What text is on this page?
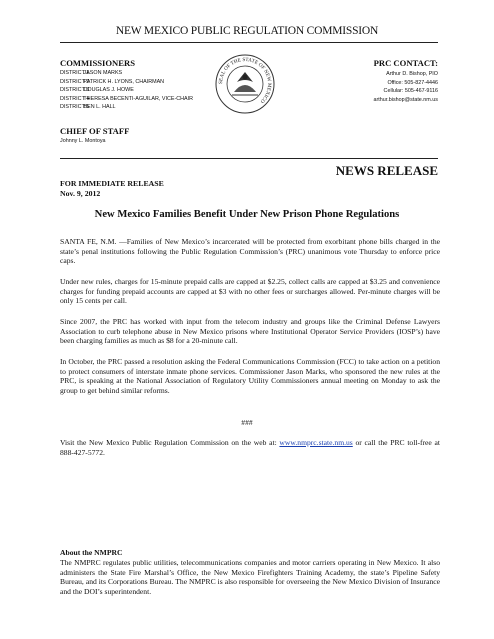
NEW MEXICO PUBLIC REGULATION COMMISSION
COMMISSIONERS
DISTRICT 1 JASON MARKS
DISTRICT 2 PATRICK H. LYONS, CHAIRMAN
DISTRICT 3 DOUGLAS J. HOWE
DISTRICT 4 THERESA BECENTI-AGUILAR, VICE-CHAIR
DISTRICT 5 BEN L. HALL
CHIEF OF STAFF
Johnny L. Montoya
SEAL OF THE STATE OF NEW MEXICO
PRC CONTACT:
Arthur D. Bishop, PIO
Office: 505-827-4446
Cellular: 505-467-9116
arthur.bishop@state.nm.us
NEWS RELEASE
FOR IMMEDIATE RELEASE
Nov. 9, 2012
New Mexico Families Benefit Under New Prison Phone Regulations

SANTA FE, N.M. —Families of New Mexico’s incarcerated will be protected from exorbitant phone bills charged in the state’s penal institutions following the Public Regulation Commission’s (PRC) unanimous vote Thursday to enforce price caps.

Under new rules, charges for 15-minute prepaid calls are capped at $2.25, collect calls are capped at $3.25 and convenience charges for funding prepaid accounts are capped at $3 with no other fees or surcharges allowed. Per-minute charges will be only 15 cents per call.

Since 2007, the PRC has worked with input from the telecom industry and groups like the Criminal Defense Lawyers Association to curb telephone abuse in New Mexico prisons where Institutional Operator Service Providers (IOSP’s) have been charging families as much as $8 for a 20-minute call.

In October, the PRC passed a resolution asking the Federal Communications Commission (FCC) to take action on a petition to protect consumers of interstate inmate phone services. Commissioner Jason Marks, who sponsored the new rules at the PRC, is speaking at the National Association of Regulatory Utility Commissioners annual meeting on Monday to ask the group to get behind similar reforms.

###

Visit the New Mexico Public Regulation Commission on the web at: www.nmprc.state.nm.us or call the PRC toll-free at 888-427-5772.

About the NMPRC

The NMPRC regulates public utilities, telecommunications companies and motor carriers operating in New Mexico. It also administers the State Fire Marshal’s Office, the New Mexico Firefighters Training Academy, the state’s Pipeline Safety Bureau, and its Corporations Bureau. The NMPRC is also responsible for overseeing the New Mexico Division of Insurance and the DOI’s superintendent.
